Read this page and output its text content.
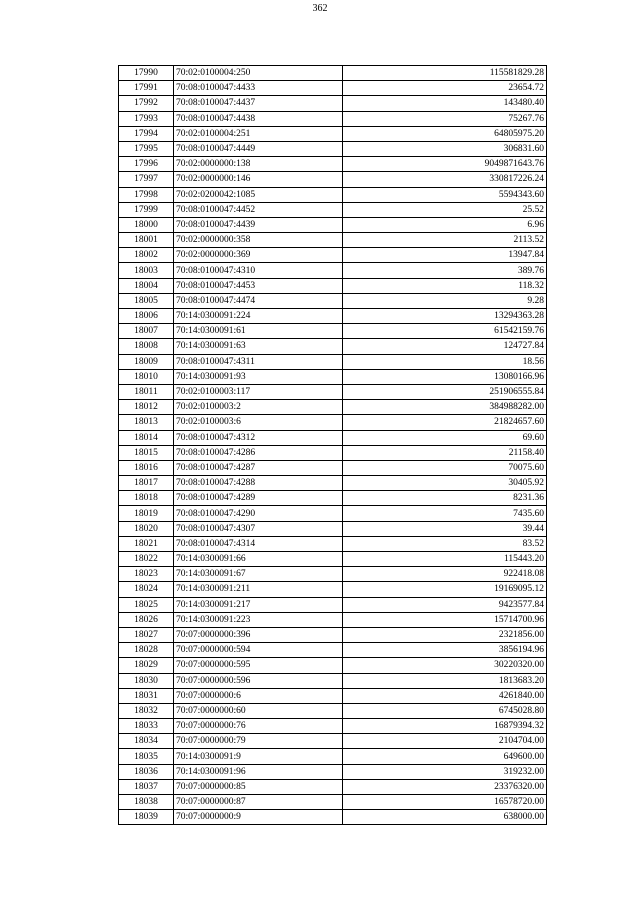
362
17990	70:02:0100004:250	115581829.28
17991	70:08:0100047:4433	23654.72
17992	70:08:0100047:4437	143480.40
17993	70:08:0100047:4438	75267.76
17994	70:02:0100004:251	64805975.20
17995	70:08:0100047:4449	306831.60
17996	70:02:0000000:138	9049871643.76
17997	70:02:0000000:146	330817226.24
17998	70:02:0200042:1085	5594343.60
17999	70:08:0100047:4452	25.52
18000	70:08:0100047:4439	6.96
18001	70:02:0000000:358	2113.52
18002	70:02:0000000:369	13947.84
18003	70:08:0100047:4310	389.76
18004	70:08:0100047:4453	118.32
18005	70:08:0100047:4474	9.28
18006	70:14:0300091:224	13294363.28
18007	70:14:0300091:61	61542159.76
18008	70:14:0300091:63	124727.84
18009	70:08:0100047:4311	18.56
18010	70:14:0300091:93	13080166.96
18011	70:02:0100003:117	251906555.84
18012	70:02:0100003:2	384988282.00
18013	70:02:0100003:6	21824657.60
18014	70:08:0100047:4312	69.60
18015	70:08:0100047:4286	21158.40
18016	70:08:0100047:4287	70075.60
18017	70:08:0100047:4288	30405.92
18018	70:08:0100047:4289	8231.36
18019	70:08:0100047:4290	7435.60
18020	70:08:0100047:4307	39.44
18021	70:08:0100047:4314	83.52
18022	70:14:0300091:66	115443.20
18023	70:14:0300091:67	922418.08
18024	70:14:0300091:211	19169095.12
18025	70:14:0300091:217	9423577.84
18026	70:14:0300091:223	15714700.96
18027	70:07:0000000:396	2321856.00
18028	70:07:0000000:594	3856194.96
18029	70:07:0000000:595	30220320.00
18030	70:07:0000000:596	1813683.20
18031	70:07:0000000:6	4261840.00
18032	70:07:0000000:60	6745028.80
18033	70:07:0000000:76	16879394.32
18034	70:07:0000000:79	2104704.00
18035	70:14:0300091:9	649600.00
18036	70:14:0300091:96	319232.00
18037	70:07:0000000:85	23376320.00
18038	70:07:0000000:87	16578720.00
18039	70:07:0000000:9	638000.00
